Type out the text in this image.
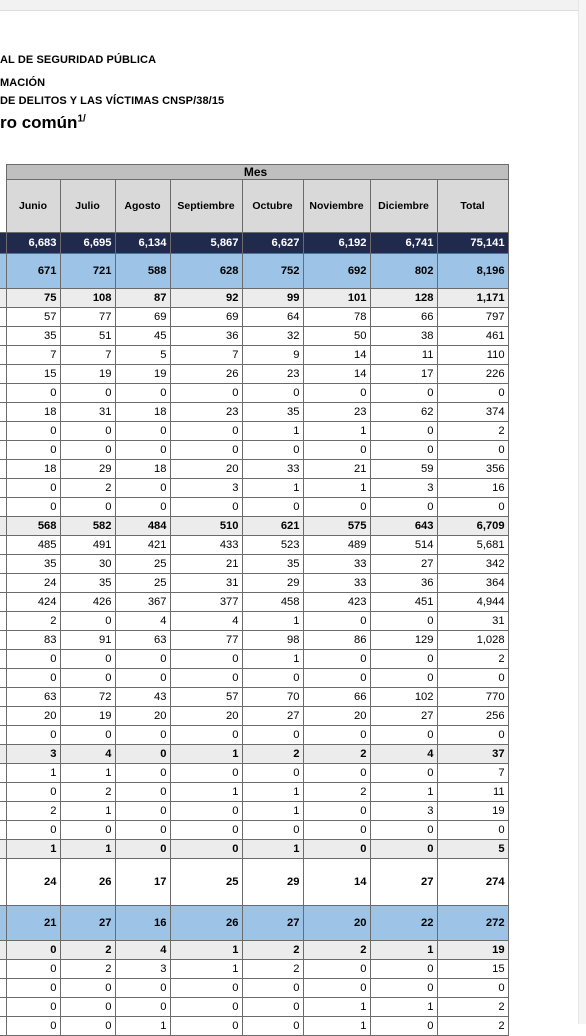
AL DE SEGURIDAD PÚBLICA
MACIÓN
DE DELITOS Y LAS VÍCTIMAS CNSP/38/15
ro común$^{1/}$
	Mes							
	Junio	Julio	Agosto	Septiembre	Octubre	Noviembre	Diciembre	Total
	6,683	6,695	6,134	5,867	6,627	6,192	6,741	75,141
	671	721	588	628	752	692	802	8,196
	75	108	87	92	99	101	128	1,171
	57	77	69	69	64	78	66	797
	35	51	45	36	32	50	38	461
	7	7	5	7	9	14	11	110
	15	19	19	26	23	14	17	226
	0	0	0	0	0	0	0	0
	18	31	18	23	35	23	62	374
	0	0	0	0	1	1	0	2
	0	0	0	0	0	0	0	0
	18	29	18	20	33	21	59	356
	0	2	0	3	1	1	3	16
	0	0	0	0	0	0	0	0
	568	582	484	510	621	575	643	6,709
	485	491	421	433	523	489	514	5,681
	35	30	25	21	35	33	27	342
	24	35	25	31	29	33	36	364
	424	426	367	377	458	423	451	4,944
	2	0	4	4	1	0	0	31
	83	91	63	77	98	86	129	1,028
	0	0	0	0	1	0	0	2
	0	0	0	0	0	0	0	0
	63	72	43	57	70	66	102	770
	20	19	20	20	27	20	27	256
	0	0	0	0	0	0	0	0
	3	4	0	1	2	2	4	37
	1	1	0	0	0	0	0	7
	0	2	0	1	1	2	1	11
	2	1	0	0	1	0	3	19
	0	0	0	0	0	0	0	0
	1	1	0	0	1	0	0	5
	24	26	17	25	29	14	27	274
	21	27	16	26	27	20	22	272
	0	2	4	1	2	2	1	19
	0	2	3	1	2	0	0	15
	0	0	0	0	0	0	0	0
	0	0	0	0	0	1	1	2
	0	0	1	0	0	1	0	2
